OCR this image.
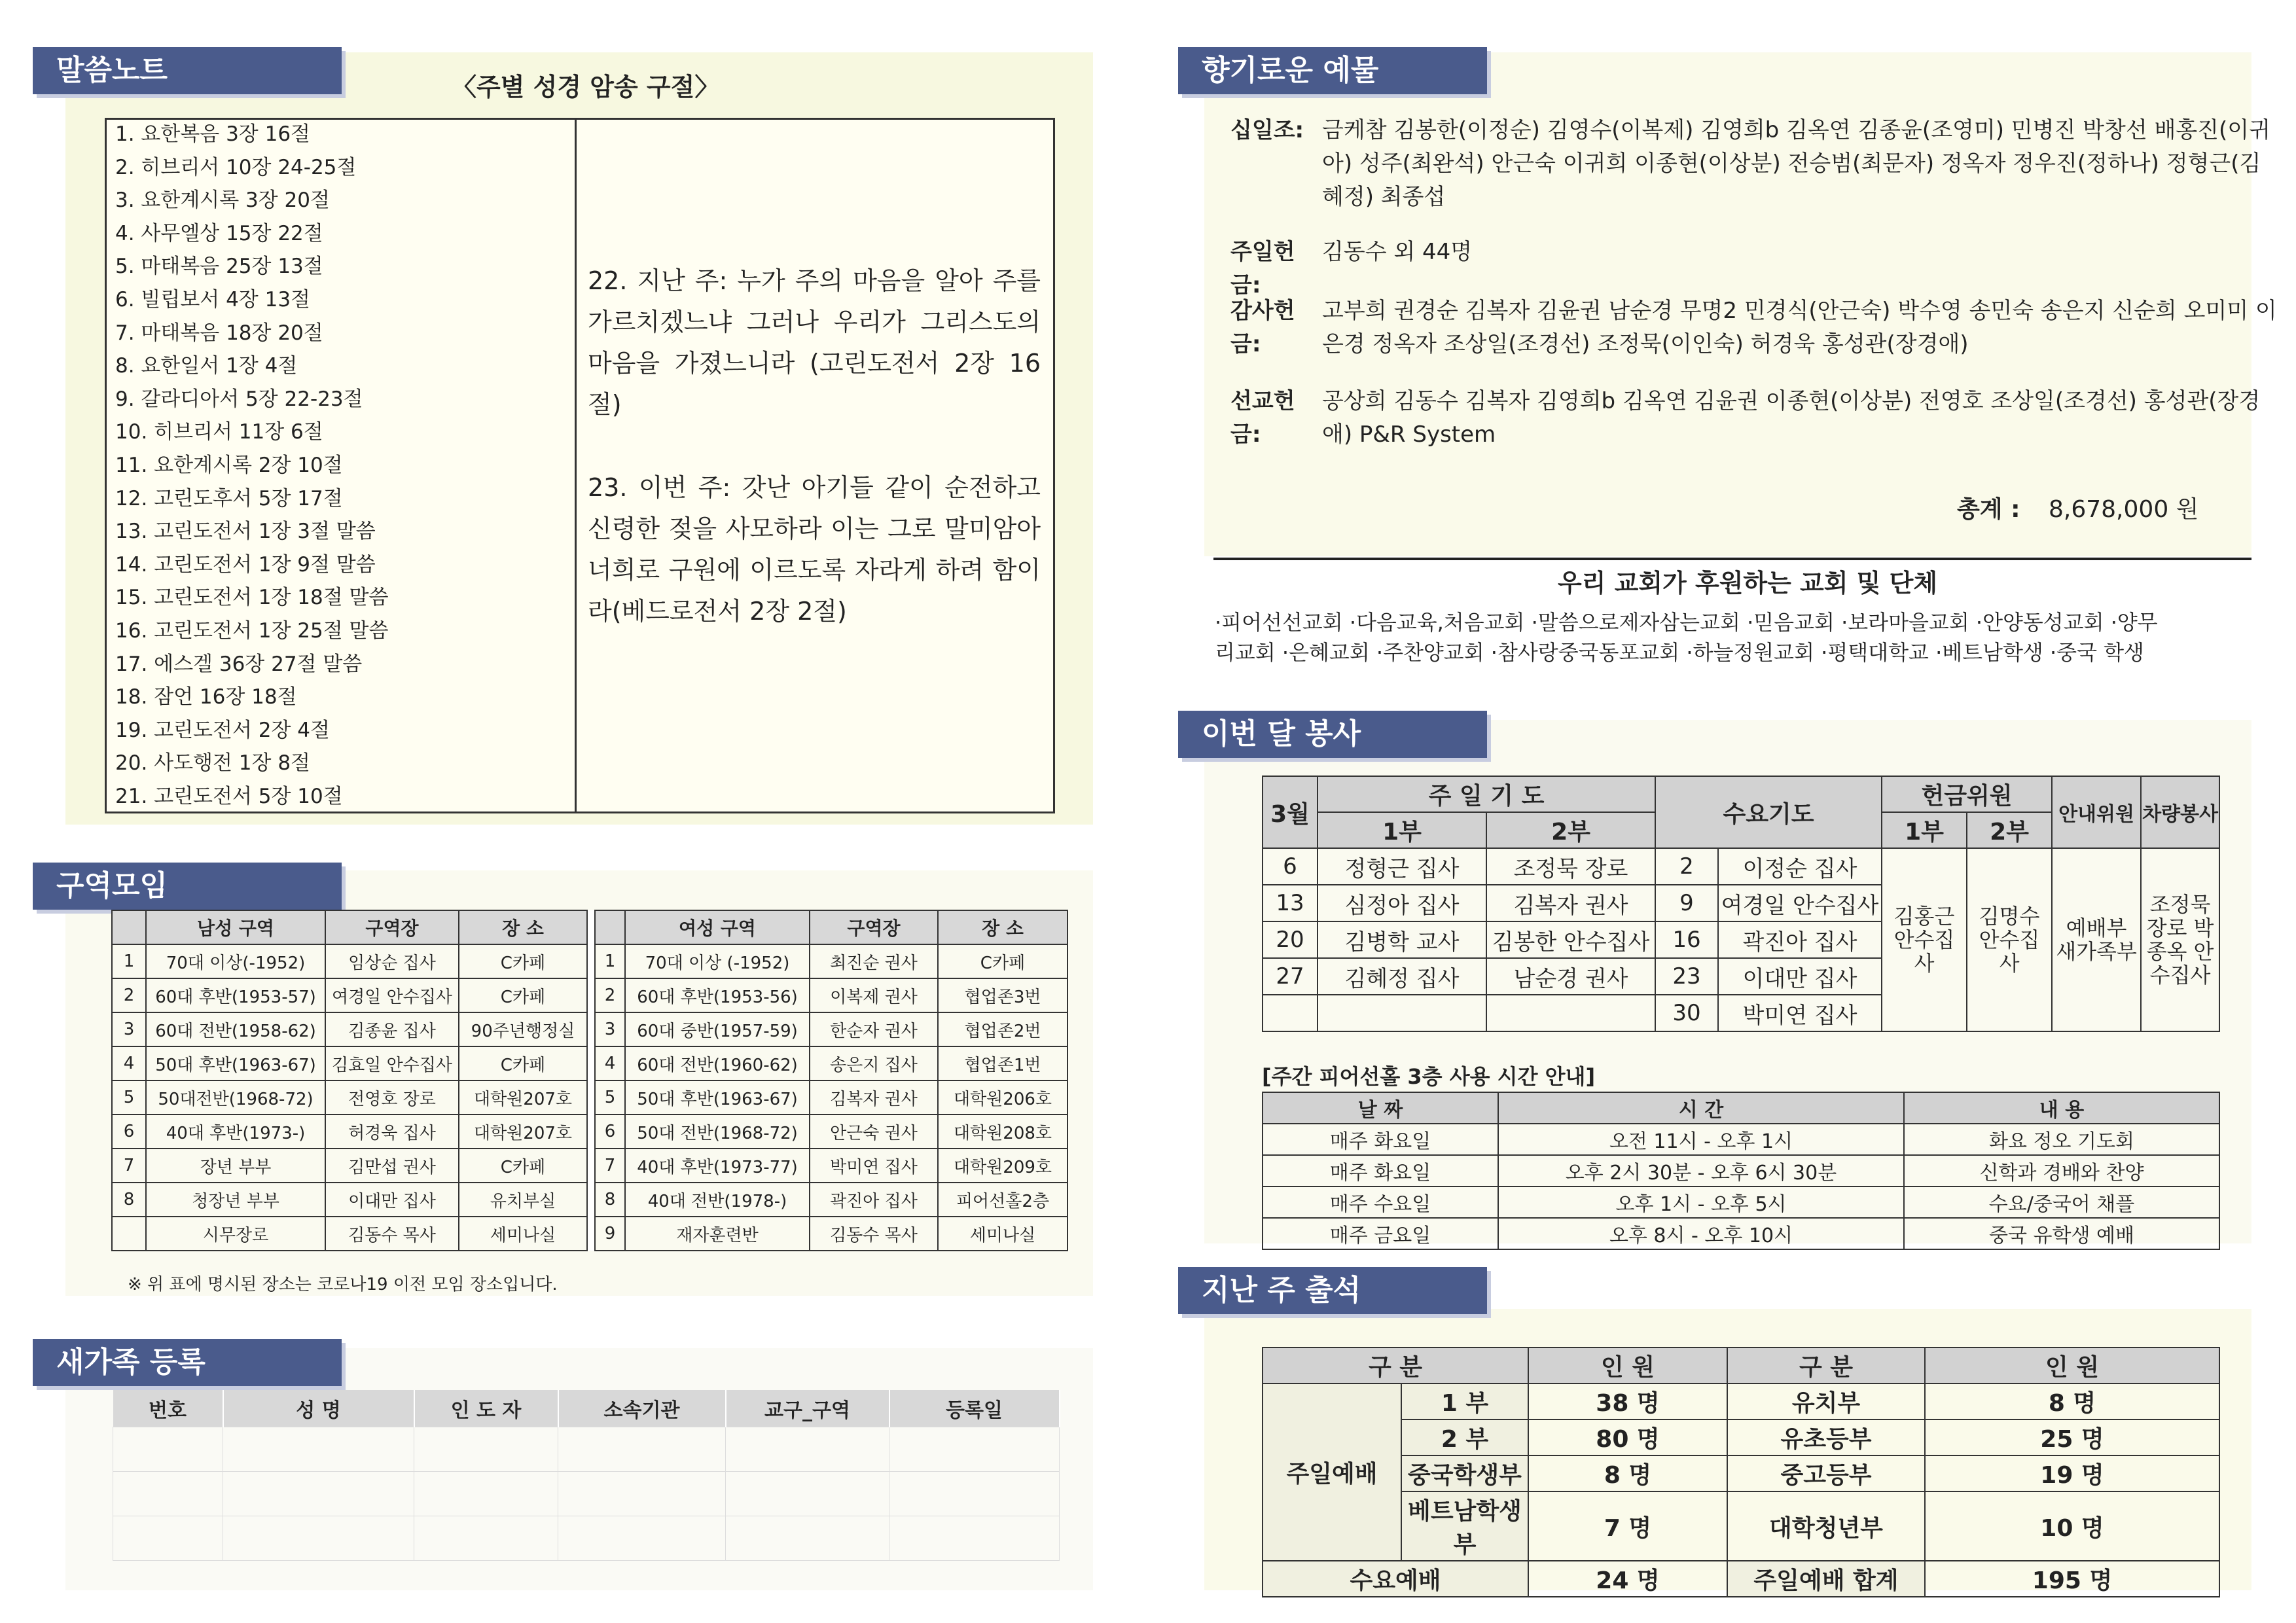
말씀노트	〈주별 성경 암송 구절〉
1. 요한복음 3장 16절
2. 히브리서 10장 24-25절
3. 요한계시록 3장 20절
4. 사무엘상 15장 22절
5. 마태복음 25장 13절
6. 빌립보서 4장 13절
7. 마태복음 18장 20절
8. 요한일서 1장 4절
9. 갈라디아서 5장 22-23절
10. 히브리서 11장 6절
11. 요한계시록 2장 10절
12. 고린도후서 5장 17절
13. 고린도전서 1장 3절 말씀
14. 고린도전서 1장 9절 말씀
15. 고린도전서 1장 18절 말씀
16. 고린도전서 1장 25절 말씀
17. 에스겔 36장 27절 말씀
18. 잠언 16장 18절
19. 고린도전서 2장 4절
20. 사도행전 1장 8절
21. 고린도전서 5장 10절
22. 지난 주: 누가 주의 마음을 알아 주를 가르치겠느냐 그러나 우리가 그리스도의 마음을 가졌느니라 (고린도전서 2장 16절)
23. 이번 주: 갓난 아기들 같이 순전하고 신령한 젖을 사모하라 이는 그로 말미암아 너희로 구원에 이르도록 자라게 하려 함이라(베드로전서 2장 2절)
구역모임
	남성 구역	구역장	장 소			여성 구역	구역장	장 소
1	70대 이상(-1952)	임상순 집사	C카페		1	70대 이상 (-1952)	최진순 권사	C카페
2	60대 후반(1953-57)	여경일 안수집사	C카페		2	60대 후반(1953-56)	이복제 권사	협업존3번
3	60대 전반(1958-62)	김종윤 집사	90주년행정실		3	60대 중반(1957-59)	한순자 권사	협업존2번
4	50대 후반(1963-67)	김효일 안수집사	C카페		4	60대 전반(1960-62)	송은지 집사	협업존1번
5	50대전반(1968-72)	전영호 장로	대학원207호		5	50대 후반(1963-67)	김복자 권사	대학원206호
6	40대 후반(1973-)	허경욱 집사	대학원207호		6	50대 전반(1968-72)	안근숙 권사	대학원208호
7	장년 부부	김만섭 권사	C카페		7	40대 후반(1973-77)	박미연 집사	대학원209호
8	청장년 부부	이대만 집사	유치부실		8	40대 전반(1978-)	곽진아 집사	피어선홀2층
	시무장로	김동수 목사	세미나실		9	재자훈련반	김동수 목사	세미나실
※ 위 표에 명시된 장소는 코로나19 이전 모임 장소입니다.
새가족 등록
번호	성 명	인 도 자	소속기관	교구_구역	등록일

향기로운 예물
십일조: 금케참 김봉한(이정순) 김영수(이복제) 김영희b 김옥연 김종윤(조영미) 민병진 박창선 배홍진(이귀아) 성주(최완석) 안근숙 이귀희 이종현(이상분) 전승범(최문자) 정옥자 정우진(정하나) 정형근(김혜정) 최종섭
주일헌금:
김동수 외 44명
감사헌금:
고부희 권경순 김복자 김윤권 남순경 무명2 민경식(안근숙) 박수영 송민숙 송은지 신순희 오미미 이은경 정옥자 조상일(조경선) 조정묵(이인숙) 허경욱 홍성관(장경애)
선교헌금:
공상희 김동수 김복자 김영희b 김옥연 김윤권 이종현(이상분) 전영호 조상일(조경선) 홍성관(장경애) P&R System
총계 : 8,678,000 원
우리 교회가 후원하는 교회 및 단체
·피어선선교회 ·다음교육,처음교회 ·말씀으로제자삼는교회 ·믿음교회 ·보라마을교회 ·안양동성교회 ·양무
리교회 ·은혜교회 ·주찬양교회 ·참사랑중국동포교회 ·하늘정원교회 ·평택대학교 ·베트남학생 ·중국 학생
이번 달 봉사
3월	주 일 기 도		수요기도		헌금위원		안내위원	차량봉사
	1부	2부			1부	2부		
6	정형근 집사	조정묵 장로	2	이정순 집사	김홍근 안수집사	김명수 안수집사	예배부 새가족부	조정묵 장로 박종옥 안수집사
13	심정아 집사	김복자 권사	9	여경일 안수집사				
20	김병학 교사	김봉한 안수집사	16	곽진아 집사				
27	김혜정 집사	남순경 권사	23	이대만 집사				
			30	박미연 집사				
[주간 피어선홀 3층 사용 시간 안내]
날 짜	시 간	내 용
매주 화요일	오전 11시 - 오후 1시	화요 정오 기도회
매주 화요일	오후 2시 30분 - 오후 6시 30분	신학과 경배와 찬양
매주 수요일	오후 1시 - 오후 5시	수요/중국어 채플
매주 금요일	오후 8시 - 오후 10시	중국 유학생 예배
지난 주 출석
구 분		인 원	구 분	인 원
주일예배	1 부	38 명	유치부	8 명
	2 부	80 명	유초등부	25 명
	중국학생부	8 명	중고등부	19 명
	베트남학생부	7 명	대학청년부	10 명
수요예배		24 명	주일예배 합계	195 명
